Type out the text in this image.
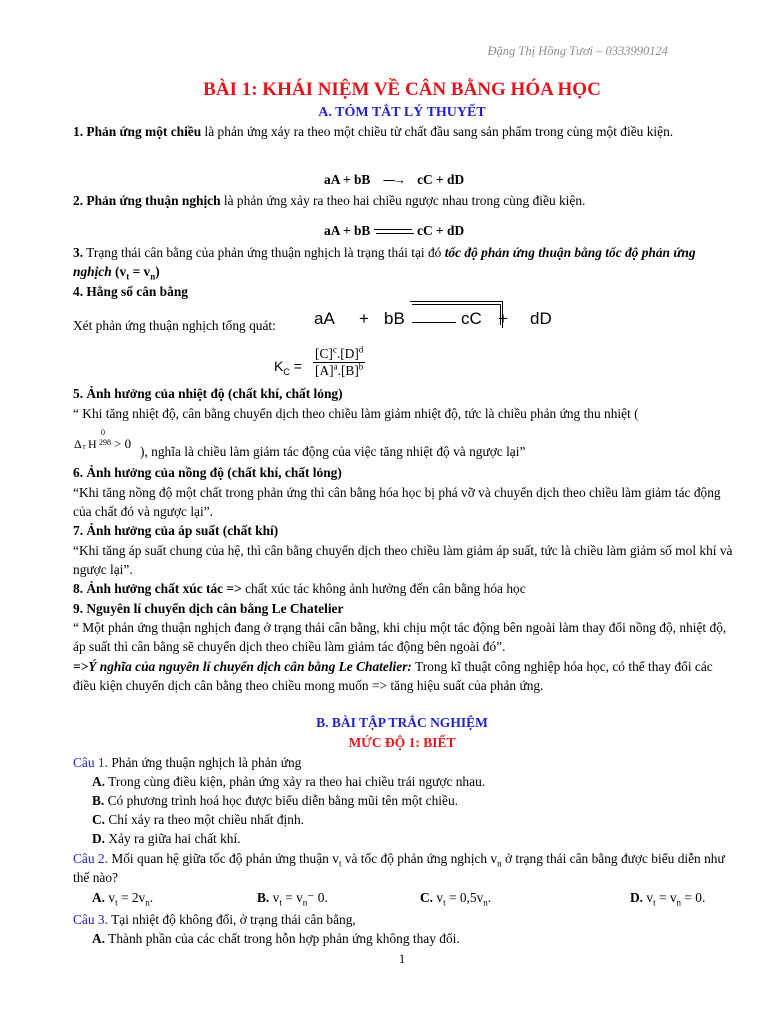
Đặng Thị Hồng Tươi – 0333990124
BÀI 1: KHÁI NIỆM VỀ CÂN BẰNG HÓA HỌC
A. TÓM TẮT LÝ THUYẾT
1. Phản ứng một chiều là phản ứng xảy ra theo một chiều từ chất đầu sang sản phẩm trong cùng một điều kiện.
aA + bB ⎯⎯→ cC + dD
2. Phản ứng thuận nghịch là phản ứng xảy ra theo hai chiều ngược nhau trong cùng điều kiện.
aA + bB	cC + dD
3. Trạng thái cân bằng của phản ứng thuận nghịch là trạng thái tại đó tốc độ phản ứng thuận bằng tốc độ phản ứng nghịch $(v_t = v_n)$
4. Hằng số cân bằng
Xét phản ứng thuận nghịch tổng quát:	aA + bB	cC + dD
$K_C = \frac{[C]^c.[D]^d}{[A]^a.[B]^b}$
5. Ảnh hưởng của nhiệt độ (chất khí, chất lỏng)
“ Khi tăng nhiệt độ, cân bằng chuyển dịch theo chiều làm giảm nhiệt độ, tức là chiều phản ứng thu nhiệt (
Δ r H
0
298 > 0
), nghĩa là chiều làm giảm tác động của việc tăng nhiệt độ và ngược lại”
6. Ảnh hưởng của nồng độ (chất khí, chất lỏng)
“Khi tăng nồng độ một chất trong phản ứng thì cân bằng hóa học bị phá vỡ và chuyển dịch theo chiều làm giảm tác động của chất đó và ngược lại”.
7. Ảnh hưởng của áp suất (chất khí)
“Khi tăng áp suất chung của hệ, thì cân bằng chuyển dịch theo chiều làm giảm áp suất, tức là chiều làm giảm số mol khí và ngược lại”.
8. Ảnh hưởng chất xúc tác => chất xúc tác không ảnh hưởng đến cân bằng hóa học
9. Nguyên lí chuyển dịch cân bằng Le Chatelier
“ Một phản ứng thuận nghịch đang ở trạng thái cân bằng, khi chịu một tác động bên ngoài làm thay đổi nồng độ, nhiệt độ, áp suất thì cân bằng sẽ chuyển dịch theo chiều làm giảm tác động bên ngoài đó”.
=>Ý nghĩa của nguyên lí chuyển dịch cân bằng Le Chatelier: Trong kĩ thuật công nghiệp hóa học, có thể thay đổi các điều kiện chuyển dịch cân bằng theo chiều mong muốn => tăng hiệu suất của phản ứng.
B. BÀI TẬP TRẮC NGHIỆM
MỨC ĐỘ 1: BIẾT
Câu 1. Phản ứng thuận nghịch là phản ứng
A. Trong cùng điều kiện, phản ứng xảy ra theo hai chiều trái ngược nhau.
B. Có phương trình hoá học được biểu diễn bằng mũi tên một chiều.
C. Chỉ xảy ra theo một chiều nhất định.
D. Xảy ra giữa hai chất khí.
Câu 2. Mối quan hệ giữa tốc độ phản ứng thuận $v_t$ và tốc độ phản ứng nghịch $v_n$ ở trạng thái cân bằng được biểu diễn như thế nào?
A. $v_t = 2v_n$.	B. $v_t = v_n^-$ 0.	C. $v_t = 0,5v_n$.	D. $v_t = v_n = 0$.
Câu 3. Tại nhiệt độ không đổi, ở trạng thái cân bằng,
A. Thành phần của các chất trong hỗn hợp phản ứng không thay đổi.
1
